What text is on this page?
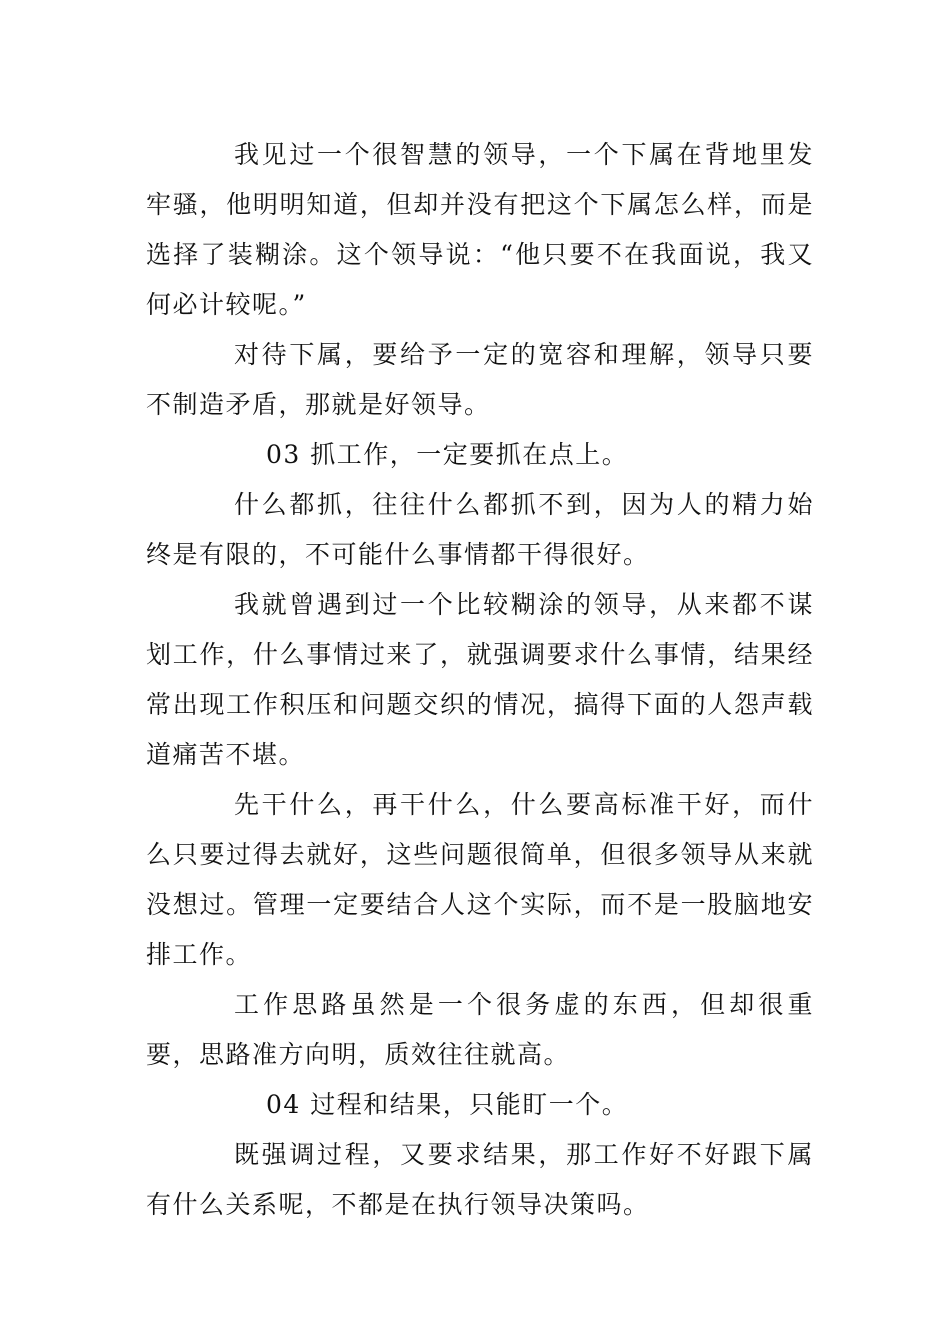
我见过一个很智慧的领导，一个下属在背地里发牢骚，他明明知道，但却并没有把这个下属怎么样，而是选择了装糊涂。这个领导说：“他只要不在我面说，我又何必计较呢。”

对待下属，要给予一定的宽容和理解，领导只要不制造矛盾，那就是好领导。

03 抓工作，一定要抓在点上。

什么都抓，往往什么都抓不到，因为人的精力始终是有限的，不可能什么事情都干得很好。

我就曾遇到过一个比较糊涂的领导，从来都不谋划工作，什么事情过来了，就强调要求什么事情，结果经常出现工作积压和问题交织的情况，搞得下面的人怨声载道痛苦不堪。

先干什么，再干什么，什么要高标准干好，而什么只要过得去就好，这些问题很简单，但很多领导从来就没想过。管理一定要结合人这个实际，而不是一股脑地安排工作。

工作思路虽然是一个很务虚的东西，但却很重要，思路准方向明，质效往往就高。

04 过程和结果，只能盯一个。

既强调过程，又要求结果，那工作好不好跟下属有什么关系呢，不都是在执行领导决策吗。
